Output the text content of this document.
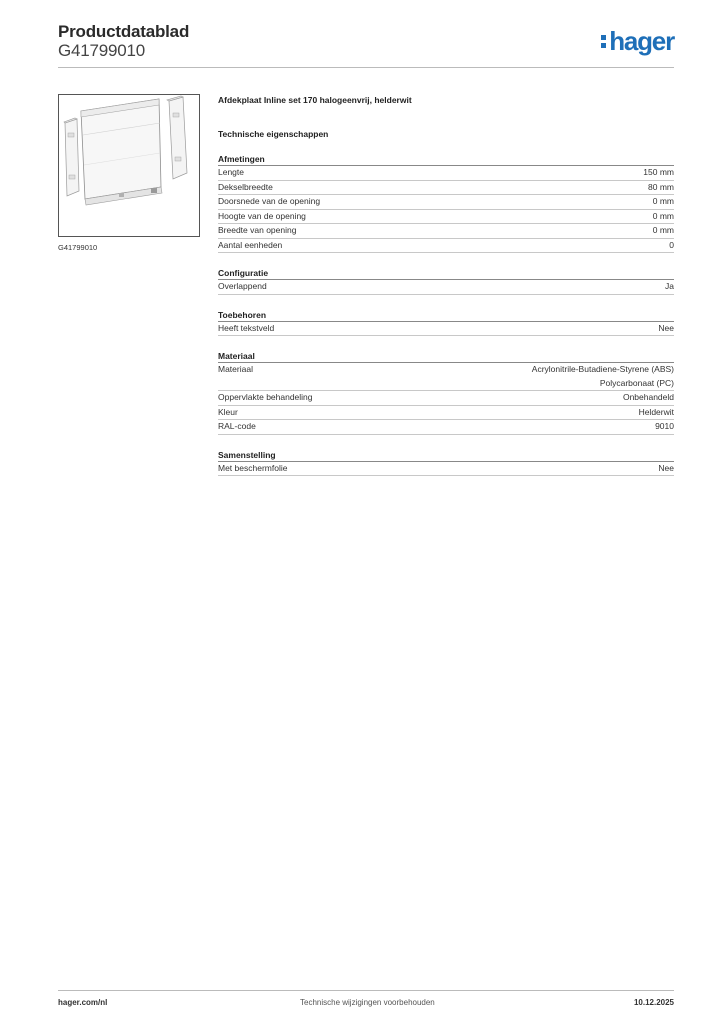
Productdatablad
G41799010	hager
G41799010
Afdekplaat Inline set 170 halogeenvrij, helderwit
Technische eigenschappen
Afmetingen
Lengte	150 mm
Dekselbreedte	80 mm
Doorsnede van de opening	0 mm
Hoogte van de opening	0 mm
Breedte van opening	0 mm
Aantal eenheden	0
Configuratie
Overlappend	Ja
Toebehoren
Heeft tekstveld	Nee
Materiaal
Materiaal	Acrylonitrile-Butadiene-Styrene (ABS)
Polycarbonaat (PC)
Oppervlakte behandeling	Onbehandeld
Kleur	Helderwit
RAL-code	9010
Samenstelling
Met beschermfolie	Nee
hager.com/nl	Technische wijzigingen voorbehouden	10.12.2025
